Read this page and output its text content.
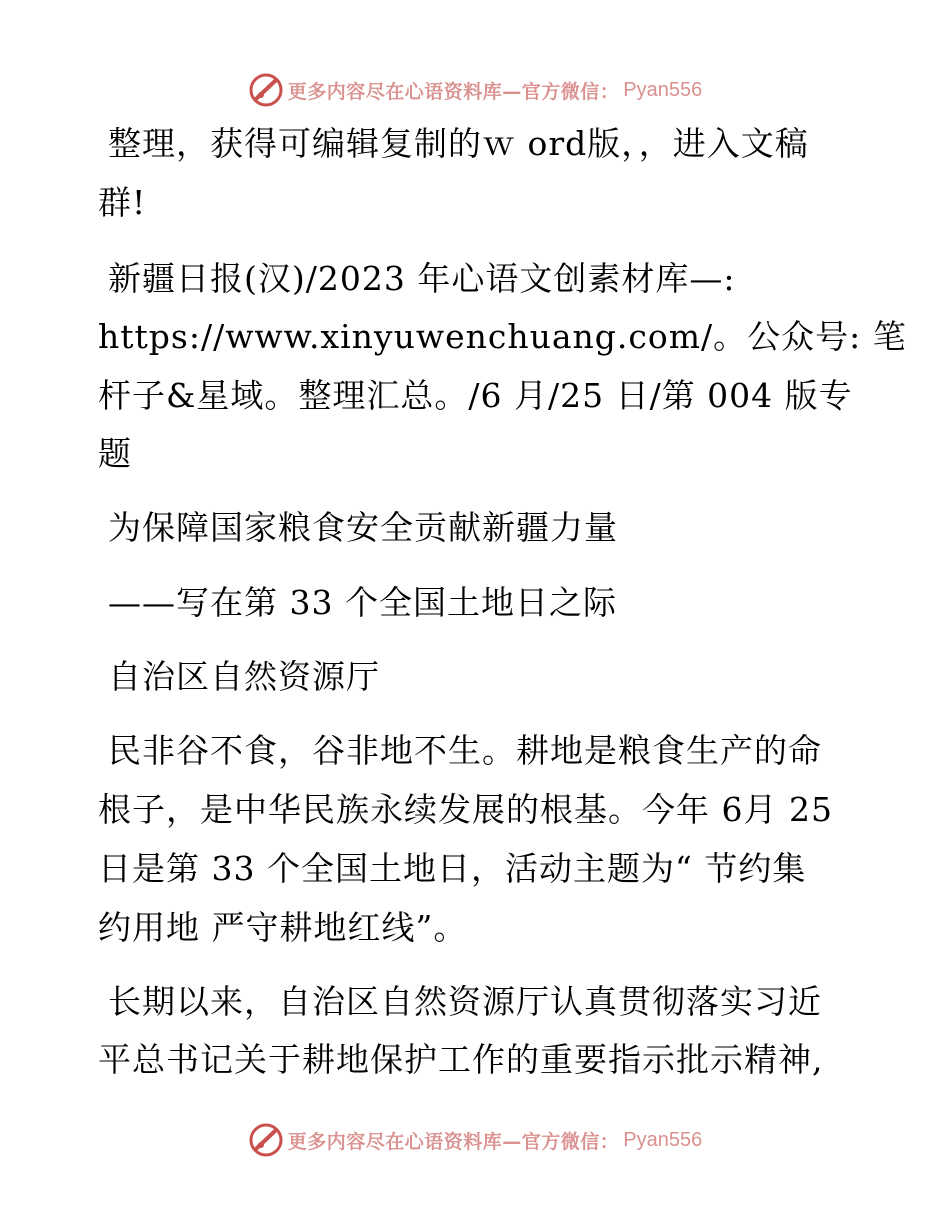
更多内容尽在心语资料库—官方微信： Pyan556
整理，获得可编辑复制的ｗ ord版，，进入文稿
群!
新疆日报(汉)/2023 年心语文创素材库—:
https://www.xinyuwenchuang.com/。公众号: 笔
杆子&星域。整理汇总。/6 月/25 日/第 004 版专
题
为保障国家粮食安全贡献新疆力量
——写在第 33 个全国土地日之际
自治区自然资源厅
民非谷不食，谷非地不生。耕地是粮食生产的命
根子，是中华民族永续发展的根基。今年 6月 25
日是第 33 个全国土地日，活动主题为“ 节约集
约用地 严守耕地红线”。
长期以来，自治区自然资源厅认真贯彻落实习近
平总书记关于耕地保护工作的重要指示批示精神,
更多内容尽在心语资料库—官方微信： Pyan556
